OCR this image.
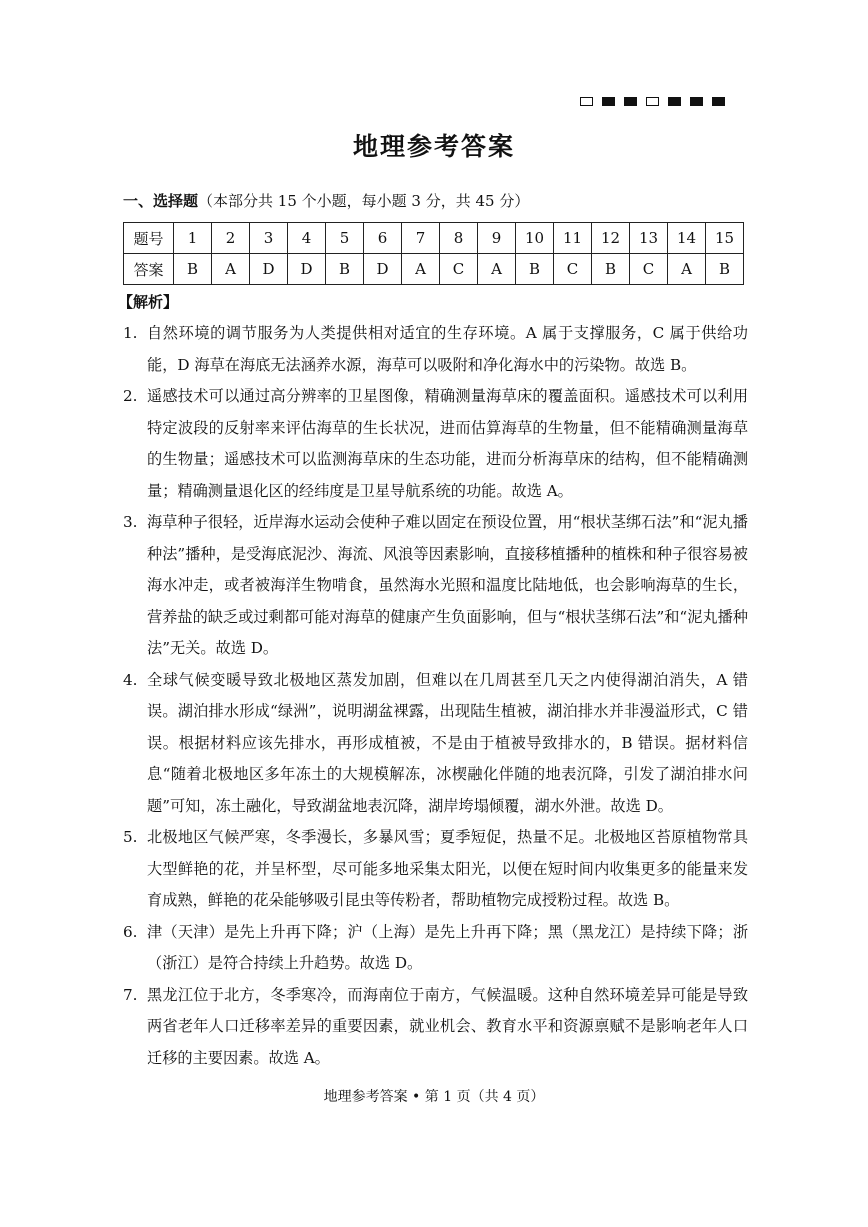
地理参考答案
一、选择题（本部分共 15 个小题，每小题 3 分，共 45 分）
题号	1	2	3	4	5	6	7	8	9	10	11	12	13	14	15
答案	B	A	D	D	B	D	A	C	A	B	C	B	C	A	B
【解析】
1. 自然环境的调节服务为人类提供相对适宜的生存环境。A 属于支撑服务，C 属于供给功能，D 海草在海底无法涵养水源，海草可以吸附和净化海水中的污染物。故选 B。
2. 遥感技术可以通过高分辨率的卫星图像，精确测量海草床的覆盖面积。遥感技术可以利用特定波段的反射率来评估海草的生长状况，进而估算海草的生物量，但不能精确测量海草的生物量；遥感技术可以监测海草床的生态功能，进而分析海草床的结构，但不能精确测量；精确测量退化区的经纬度是卫星导航系统的功能。故选 A。
3. 海草种子很轻，近岸海水运动会使种子难以固定在预设位置，用“根状茎绑石法”和“泥丸播种法”播种，是受海底泥沙、海流、风浪等因素影响，直接移植播种的植株和种子很容易被海水冲走，或者被海洋生物啃食，虽然海水光照和温度比陆地低，也会影响海草的生长，营养盐的缺乏或过剩都可能对海草的健康产生负面影响，但与“根状茎绑石法”和“泥丸播种法”无关。故选 D。
4. 全球气候变暖导致北极地区蒸发加剧，但难以在几周甚至几天之内使得湖泊消失，A 错误。湖泊排水形成“绿洲”，说明湖盆裸露，出现陆生植被，湖泊排水并非漫溢形式，C 错误。根据材料应该先排水，再形成植被，不是由于植被导致排水的，B 错误。据材料信息“随着北极地区多年冻土的大规模解冻，冰楔融化伴随的地表沉降，引发了湖泊排水问题”可知，冻土融化，导致湖盆地表沉降，湖岸垮塌倾覆，湖水外泄。故选 D。
5. 北极地区气候严寒，冬季漫长，多暴风雪；夏季短促，热量不足。北极地区苔原植物常具大型鲜艳的花，并呈杯型，尽可能多地采集太阳光，以便在短时间内收集更多的能量来发育成熟，鲜艳的花朵能够吸引昆虫等传粉者，帮助植物完成授粉过程。故选 B。
6. 津（天津）是先上升再下降；沪（上海）是先上升再下降；黑（黑龙江）是持续下降；浙（浙江）是符合持续上升趋势。故选 D。
7. 黑龙江位于北方，冬季寒冷，而海南位于南方，气候温暖。这种自然环境差异可能是导致两省老年人口迁移率差异的重要因素，就业机会、教育水平和资源禀赋不是影响老年人口迁移的主要因素。故选 A。
地理参考答案 • 第 1 页（共 4 页）
